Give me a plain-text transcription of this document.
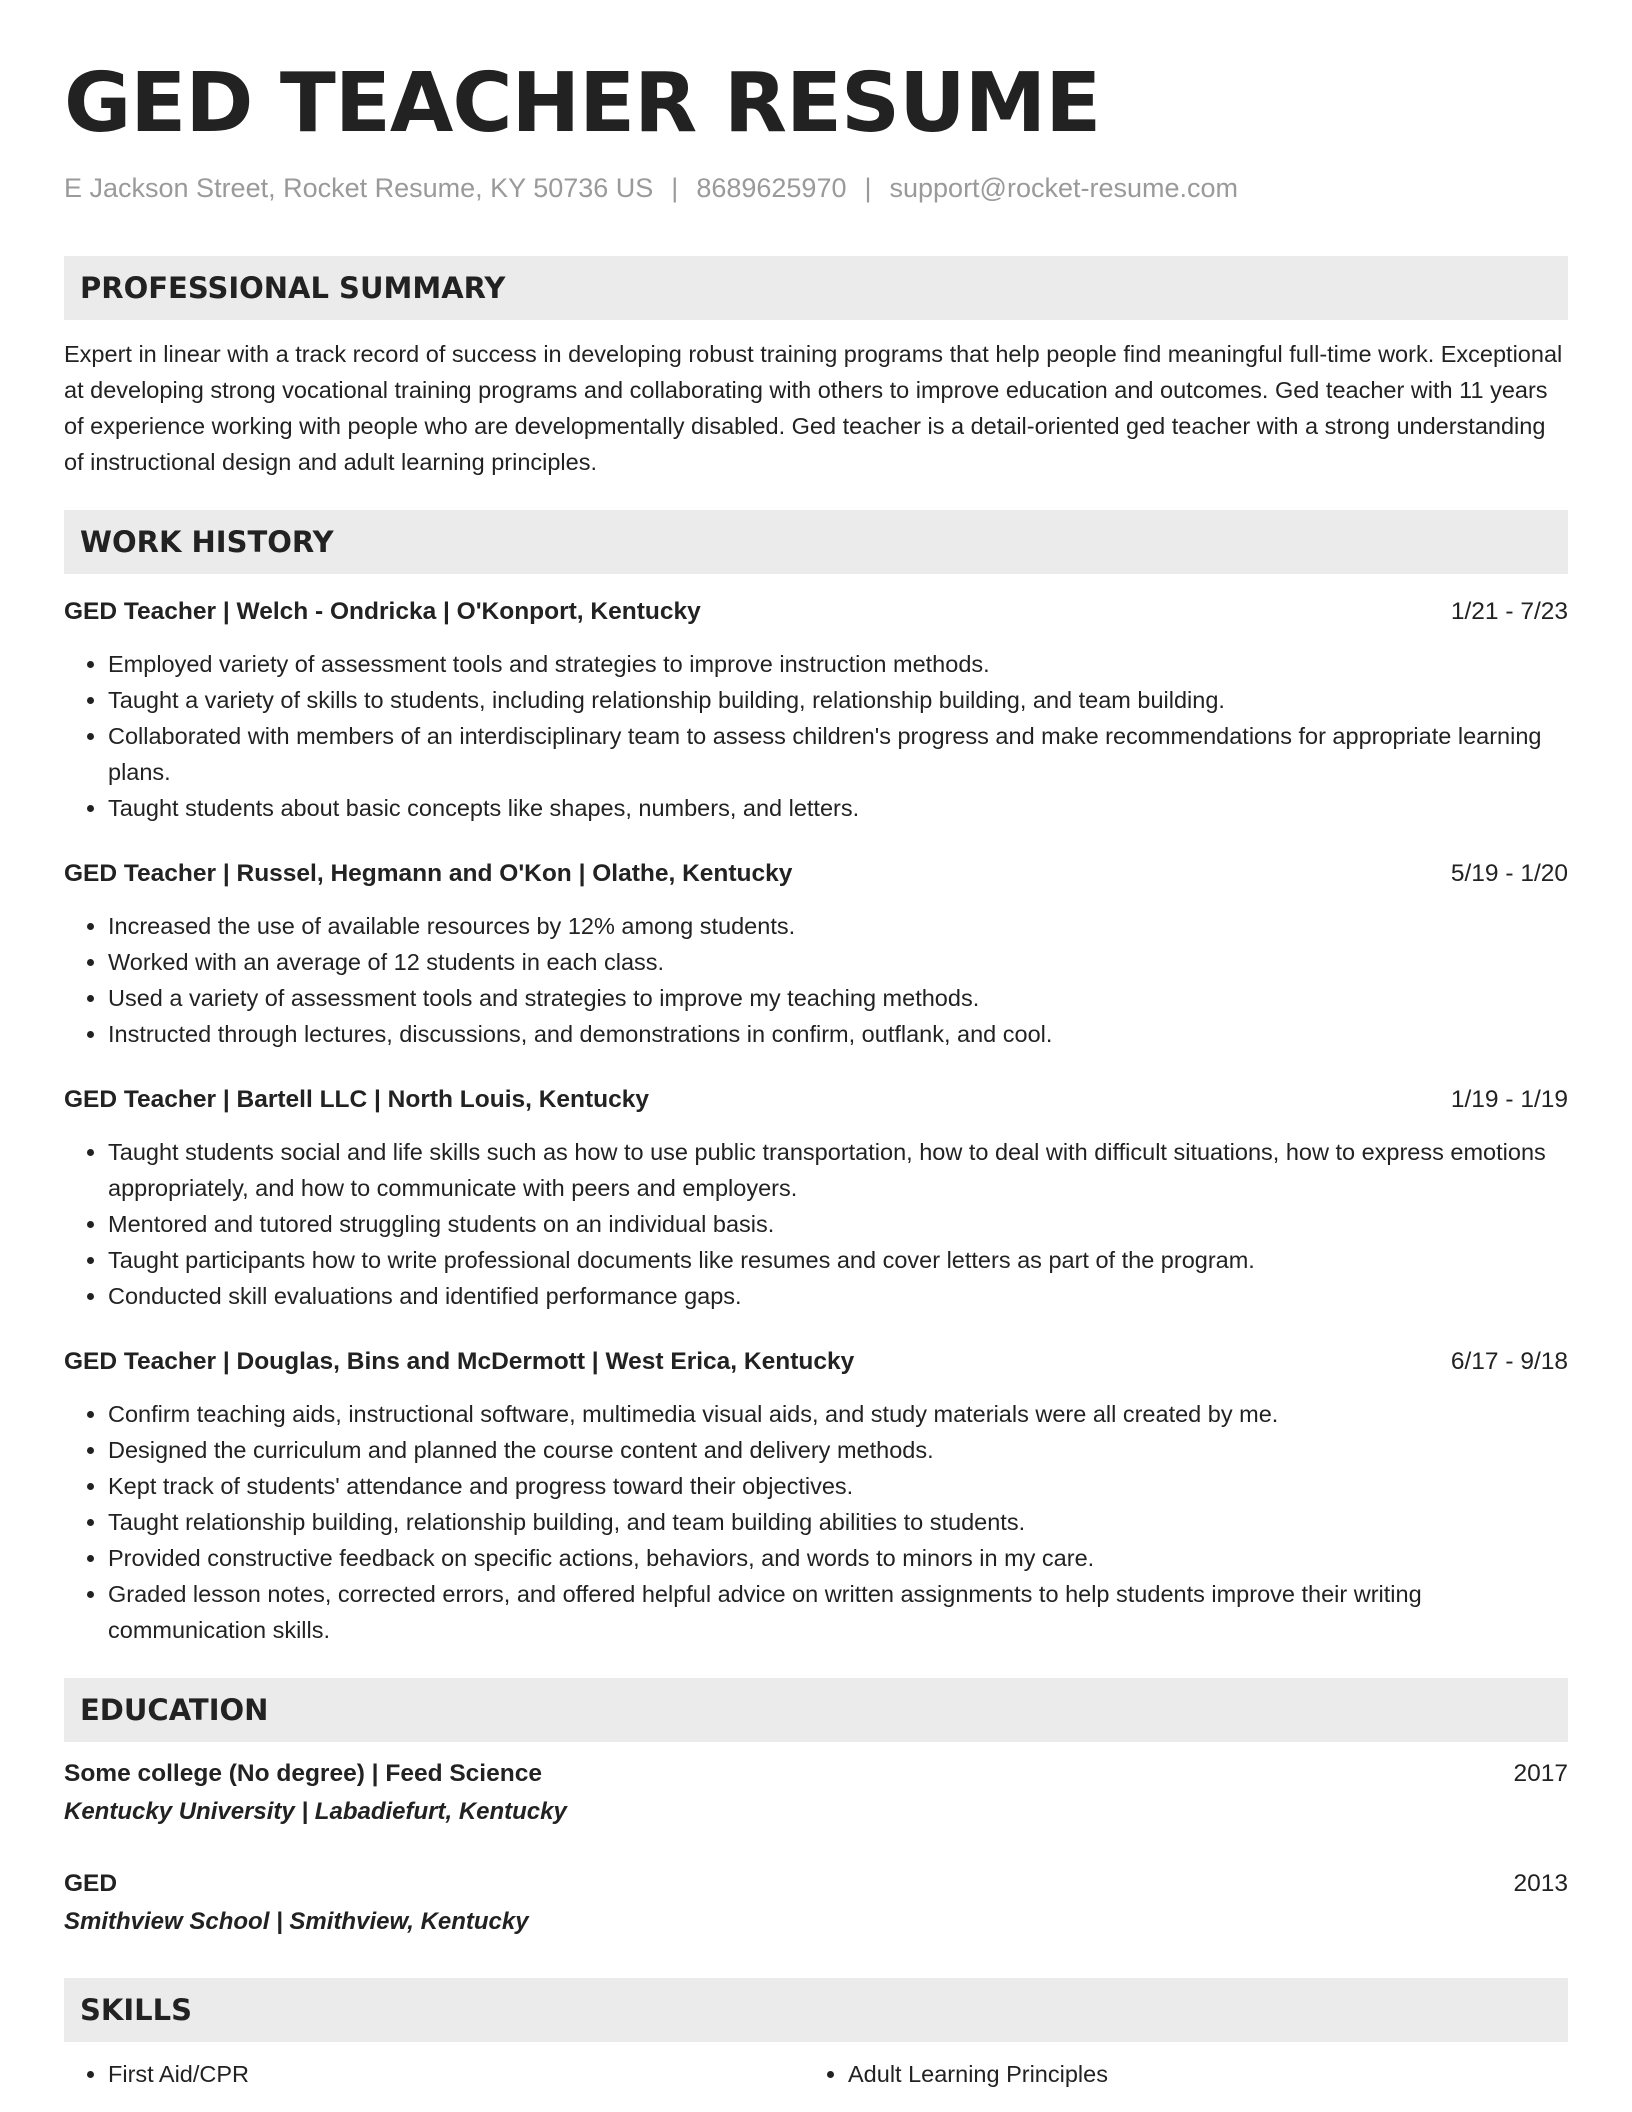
GED TEACHER RESUME
E Jackson Street, Rocket Resume, KY 50736 US | 8689625970 | support@rocket-resume.com
PROFESSIONAL SUMMARY

Expert in linear with a track record of success in developing robust training programs that help people find meaningful full-time work. Exceptional at developing strong vocational training programs and collaborating with others to improve education and outcomes. Ged teacher with 11 years of experience working with people who are developmentally disabled. Ged teacher is a detail-oriented ged teacher with a strong understanding of instructional design and adult learning principles.

WORK HISTORY
GED Teacher | Welch - Ondricka | O'Konport, Kentucky	1/21 - 7/23
• Employed variety of assessment tools and strategies to improve instruction methods.
• Taught a variety of skills to students, including relationship building, relationship building, and team building.
• Collaborated with members of an interdisciplinary team to assess children's progress and make recommendations for appropriate learning plans.
• Taught students about basic concepts like shapes, numbers, and letters.
GED Teacher | Russel, Hegmann and O'Kon | Olathe, Kentucky	5/19 - 1/20
• Increased the use of available resources by 12% among students.
• Worked with an average of 12 students in each class.
• Used a variety of assessment tools and strategies to improve my teaching methods.
• Instructed through lectures, discussions, and demonstrations in confirm, outflank, and cool.
GED Teacher | Bartell LLC | North Louis, Kentucky	1/19 - 1/19
• Taught students social and life skills such as how to use public transportation, how to deal with difficult situations, how to express emotions appropriately, and how to communicate with peers and employers.
• Mentored and tutored struggling students on an individual basis.
• Taught participants how to write professional documents like resumes and cover letters as part of the program.
• Conducted skill evaluations and identified performance gaps.
GED Teacher | Douglas, Bins and McDermott | West Erica, Kentucky	6/17 - 9/18
• Confirm teaching aids, instructional software, multimedia visual aids, and study materials were all created by me.
• Designed the curriculum and planned the course content and delivery methods.
• Kept track of students' attendance and progress toward their objectives.
• Taught relationship building, relationship building, and team building abilities to students.
• Provided constructive feedback on specific actions, behaviors, and words to minors in my care.
• Graded lesson notes, corrected errors, and offered helpful advice on written assignments to help students improve their writing communication skills.
EDUCATION
Some college (No degree) | Feed Science	2017
Kentucky University | Labadiefurt, Kentucky
GED	2013
Smithview School | Smithview, Kentucky
SKILLS
• First Aid/CPR
•	Adult Learning Principles
